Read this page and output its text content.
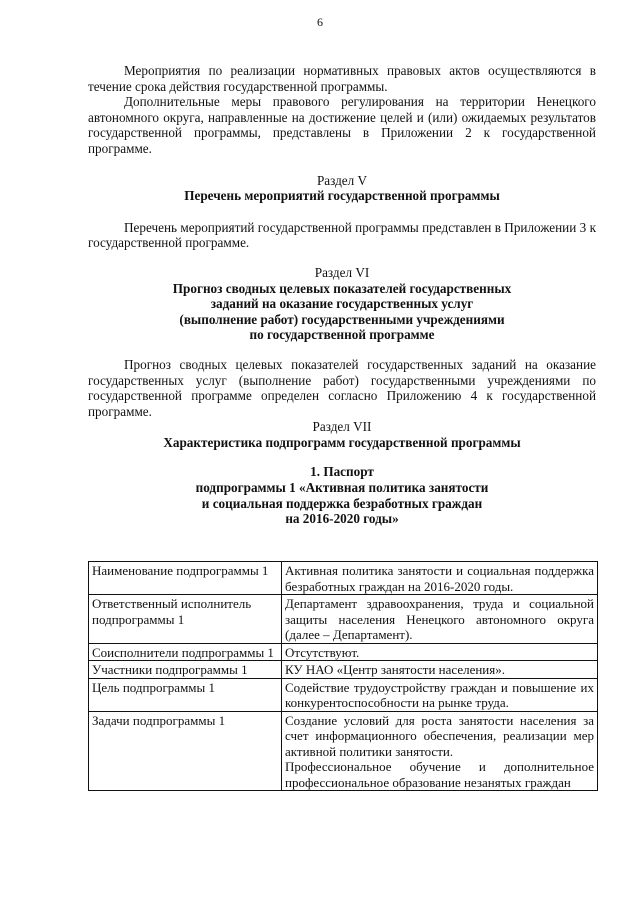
6

Мероприятия по реализации нормативных правовых актов осуществляются в течение срока действия государственной программы.

Дополнительные меры правового регулирования на территории Ненецкого автономного округа, направленные на достижение целей и (или) ожидаемых результатов государственной программы, представлены в Приложении 2 к государственной программе.

Раздел V

Перечень мероприятий государственной программы

Перечень мероприятий государственной программы представлен в Приложении 3 к государственной программе.

Раздел VI

Прогноз сводных целевых показателей государственных

заданий на оказание государственных услуг

(выполнение работ) государственными учреждениями

по государственной программе

Прогноз сводных целевых показателей государственных заданий на оказание государственных услуг (выполнение работ) государственными учреждениями по государственной программе определен согласно Приложению 4 к государственной программе.

Раздел VII

Характеристика подпрограмм государственной программы

1. Паспорт

подпрограммы 1 «Активная политика занятости

и социальная поддержка безработных граждан

на 2016-2020 годы»

Наименование подпрограммы 1	Активная политика занятости и социальная поддержка безработных граждан на 2016-2020 годы.

Ответственный исполнитель подпрограммы 1	Департамент здравоохранения, труда и социальной защиты населения Ненецкого автономного округа (далее – Департамент).

Соисполнители подпрограммы 1	Отсутствуют.

Участники подпрограммы 1	КУ НАО «Центр занятости населения».

Цель подпрограммы 1	Содействие трудоустройству граждан и повышение их конкурентоспособности на рынке труда.

Задачи подпрограммы 1	Создание условий для роста занятости населения за счет информационного обеспечения, реализации мер активной политики занятости.

Профессиональное обучение и дополнительное профессиональное образование незанятых граждан
